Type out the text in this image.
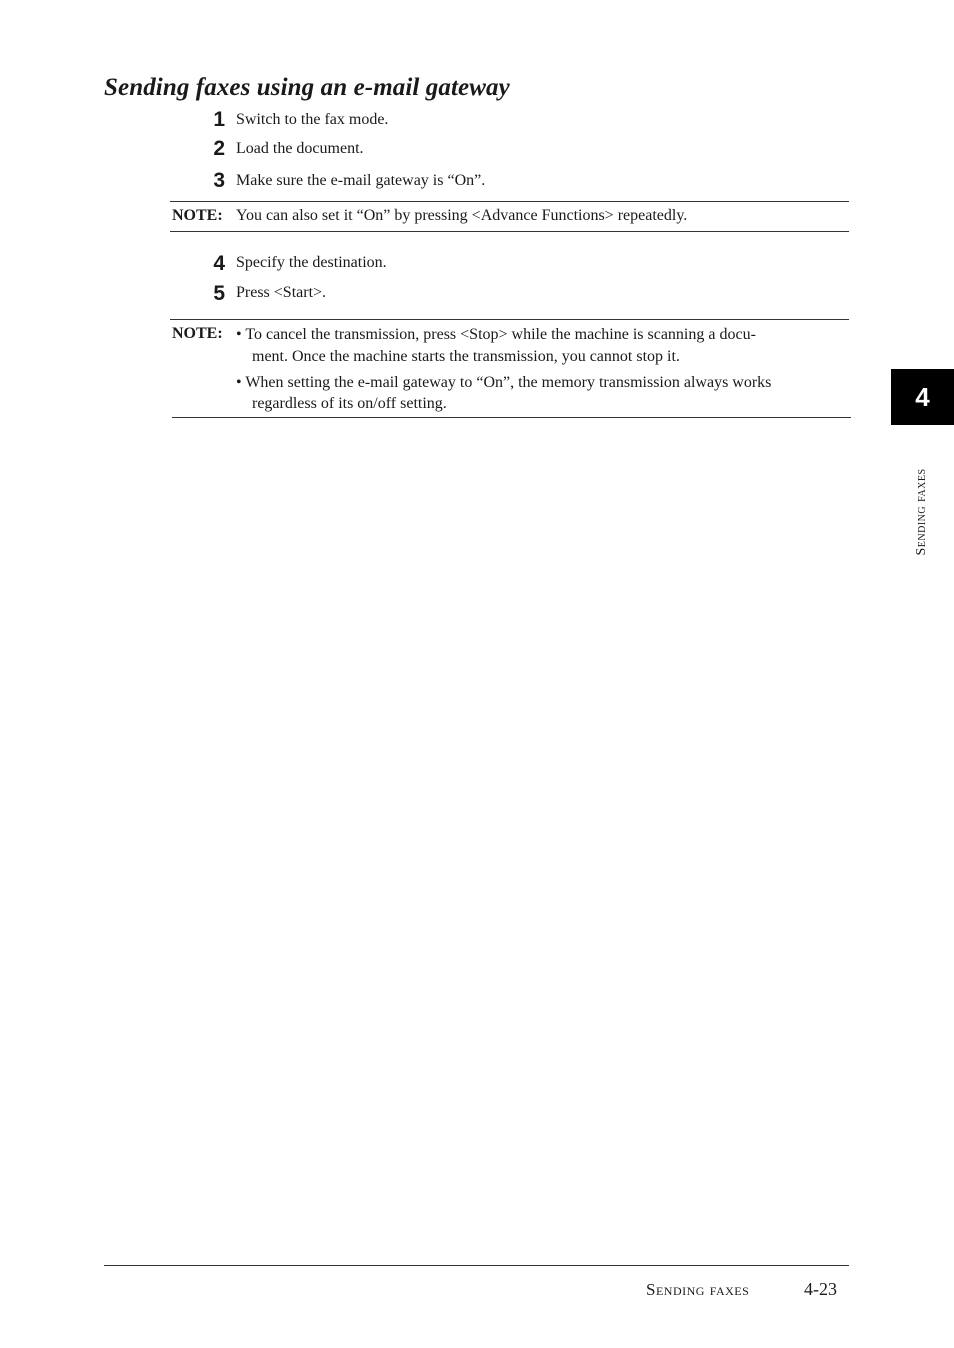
Sending faxes using an e-mail gateway
1 Switch to the fax mode.
2 Load the document.
3 Make sure the e-mail gateway is “On”.
NOTE: You can also set it “On” by pressing <Advance Functions> repeatedly.
4 Specify the destination.
5 Press <Start>.
NOTE: • To cancel the transmission, press <Stop> while the machine is scanning a docu-
ment. Once the machine starts the transmission, you cannot stop it.
• When setting the e-mail gateway to “On”, the memory transmission always works
regardless of its on/off setting.	4
Sending faxes
Sending faxes	4-23
